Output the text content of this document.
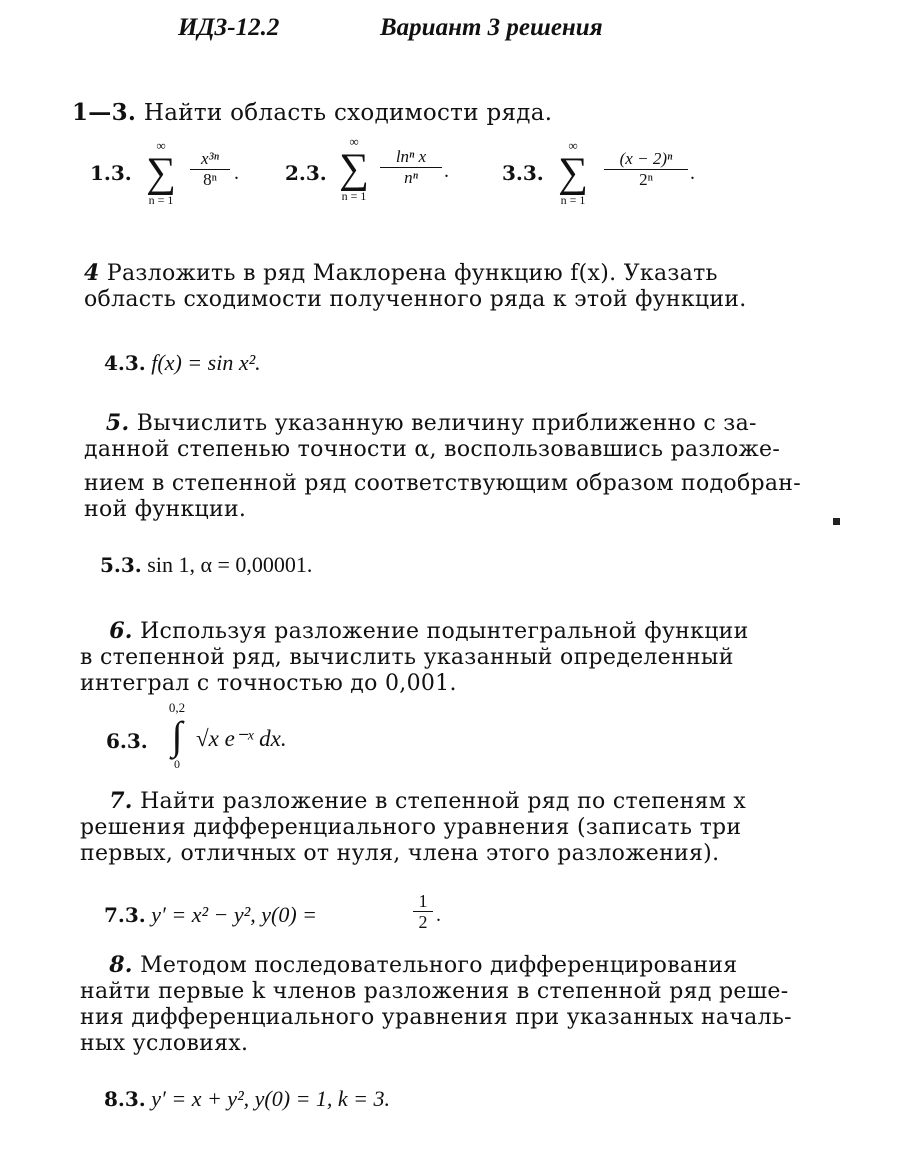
ИДЗ-12.2	Вариант 3 решения
1—3. Найти область сходимости ряда.
1.3.
∞
∑
n = 1
x³ⁿ
8ⁿ . 2.3.
∞
∑
n = 1
lnⁿ x
nⁿ	.	3.3.
∞
∑
n = 1
(x − 2)ⁿ
2ⁿ	.
4 Разложить в ряд Маклорена функцию f(x). Указать
область сходимости полученного ряда к этой функции.
4.3. f(x) = sin x².
5. Вычислить указанную величину приближенно с за-
данной степенью точности α, воспользовавшись разложе-
нием в степенной ряд соответствующим образом подобран-
ной функции.
5.3. sin 1, α = 0,00001.
6. Используя разложение подынтегральной функции
в степенной ряд, вычислить указанный определенный
интеграл с точностью до 0,001.
6.3.
0,2
∫
0
√x e⁻ˣ dx.
7. Найти разложение в степенной ряд по степеням x
решения дифференциального уравнения (записать три
первых, отличных от нуля, члена этого разложения).
7.3. y′ = x² − y², y(0) =
1
2 .
8. Методом последовательного дифференцирования
найти первые k членов разложения в степенной ряд реше-
ния дифференциального уравнения при указанных началь-
ных условиях.
8.3. y′ = x + y², y(0) = 1, k = 3.
